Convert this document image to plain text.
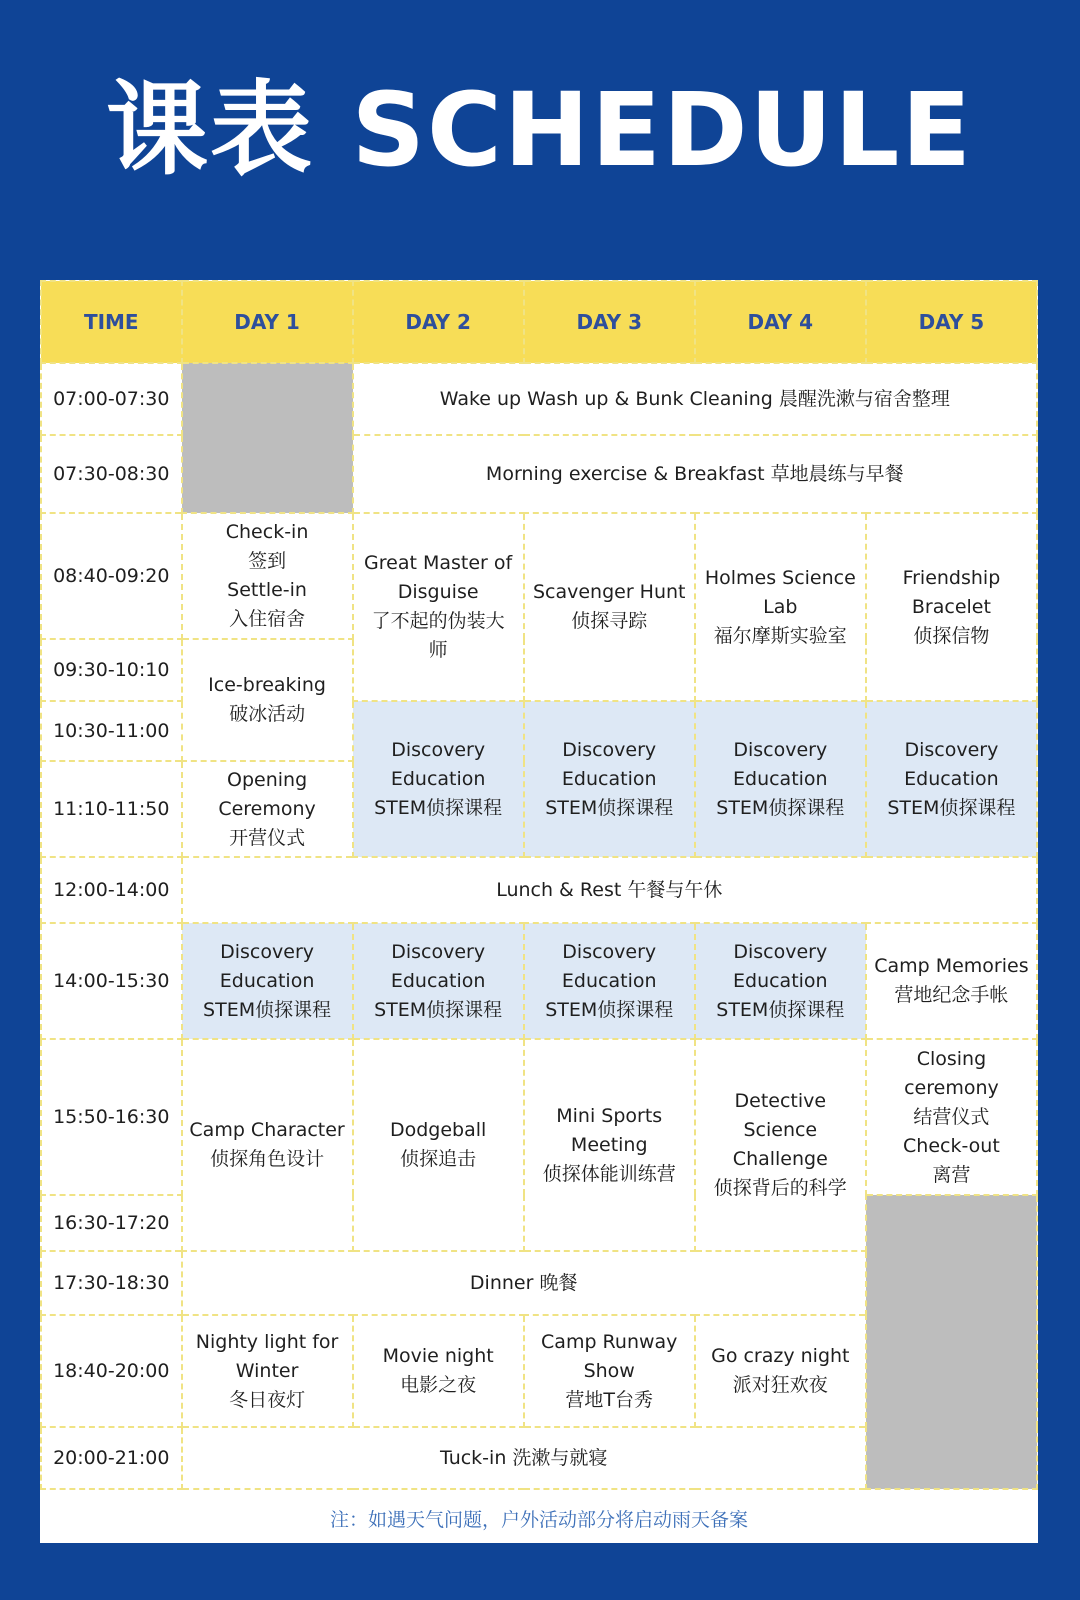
课表 SCHEDULE
TIME	DAY 1	DAY 2	DAY 3	DAY 4	DAY 5
07:00-07:30		Wake up Wash up & Bunk Cleaning 晨醒洗漱与宿舍整理			
07:30-08:30		Morning exercise & Breakfast 草地晨练与早餐			
08:40-09:20	Check-in
签到
Settle-in
入住宿舍	Great Master of
Disguise
了不起的伪装大
师	Scavenger Hunt
侦探寻踪	Holmes Science
Lab
福尔摩斯实验室	Friendship
Bracelet
侦探信物

09:30-10:10	Ice-breaking
破冰活动				

10:30-11:00		Discovery
Education
STEM侦探课程	Discovery
Education
STEM侦探课程	Discovery
Education
STEM侦探课程	Discovery
Education
STEM侦探课程

11:10-11:50	Opening
Ceremony
开营仪式				

12:00-14:00	Lunch & Rest 午餐与午休				
14:00-15:30	Discovery
Education
STEM侦探课程	Discovery
Education
STEM侦探课程	Discovery
Education
STEM侦探课程	Discovery
Education
STEM侦探课程	Camp Memories
营地纪念手帐

15:50-16:30	Camp Character
侦探角色设计	Dodgeball
侦探追击	Mini Sports
Meeting
侦探体能训练营	Detective
Science
Challenge
侦探背后的科学	Closing
ceremony
结营仪式
Check-out
离营

16:30-17:20					
17:30-18:30	Dinner 晚餐				
18:40-20:00	Nighty light for
Winter
冬日夜灯	Movie night
电影之夜	Camp Runway
Show
营地T台秀	Go crazy night
派对狂欢夜	

20:00-21:00	Tuck-in 洗漱与就寝				
注：如遇天气问题，户外活动部分将启动雨天备案
